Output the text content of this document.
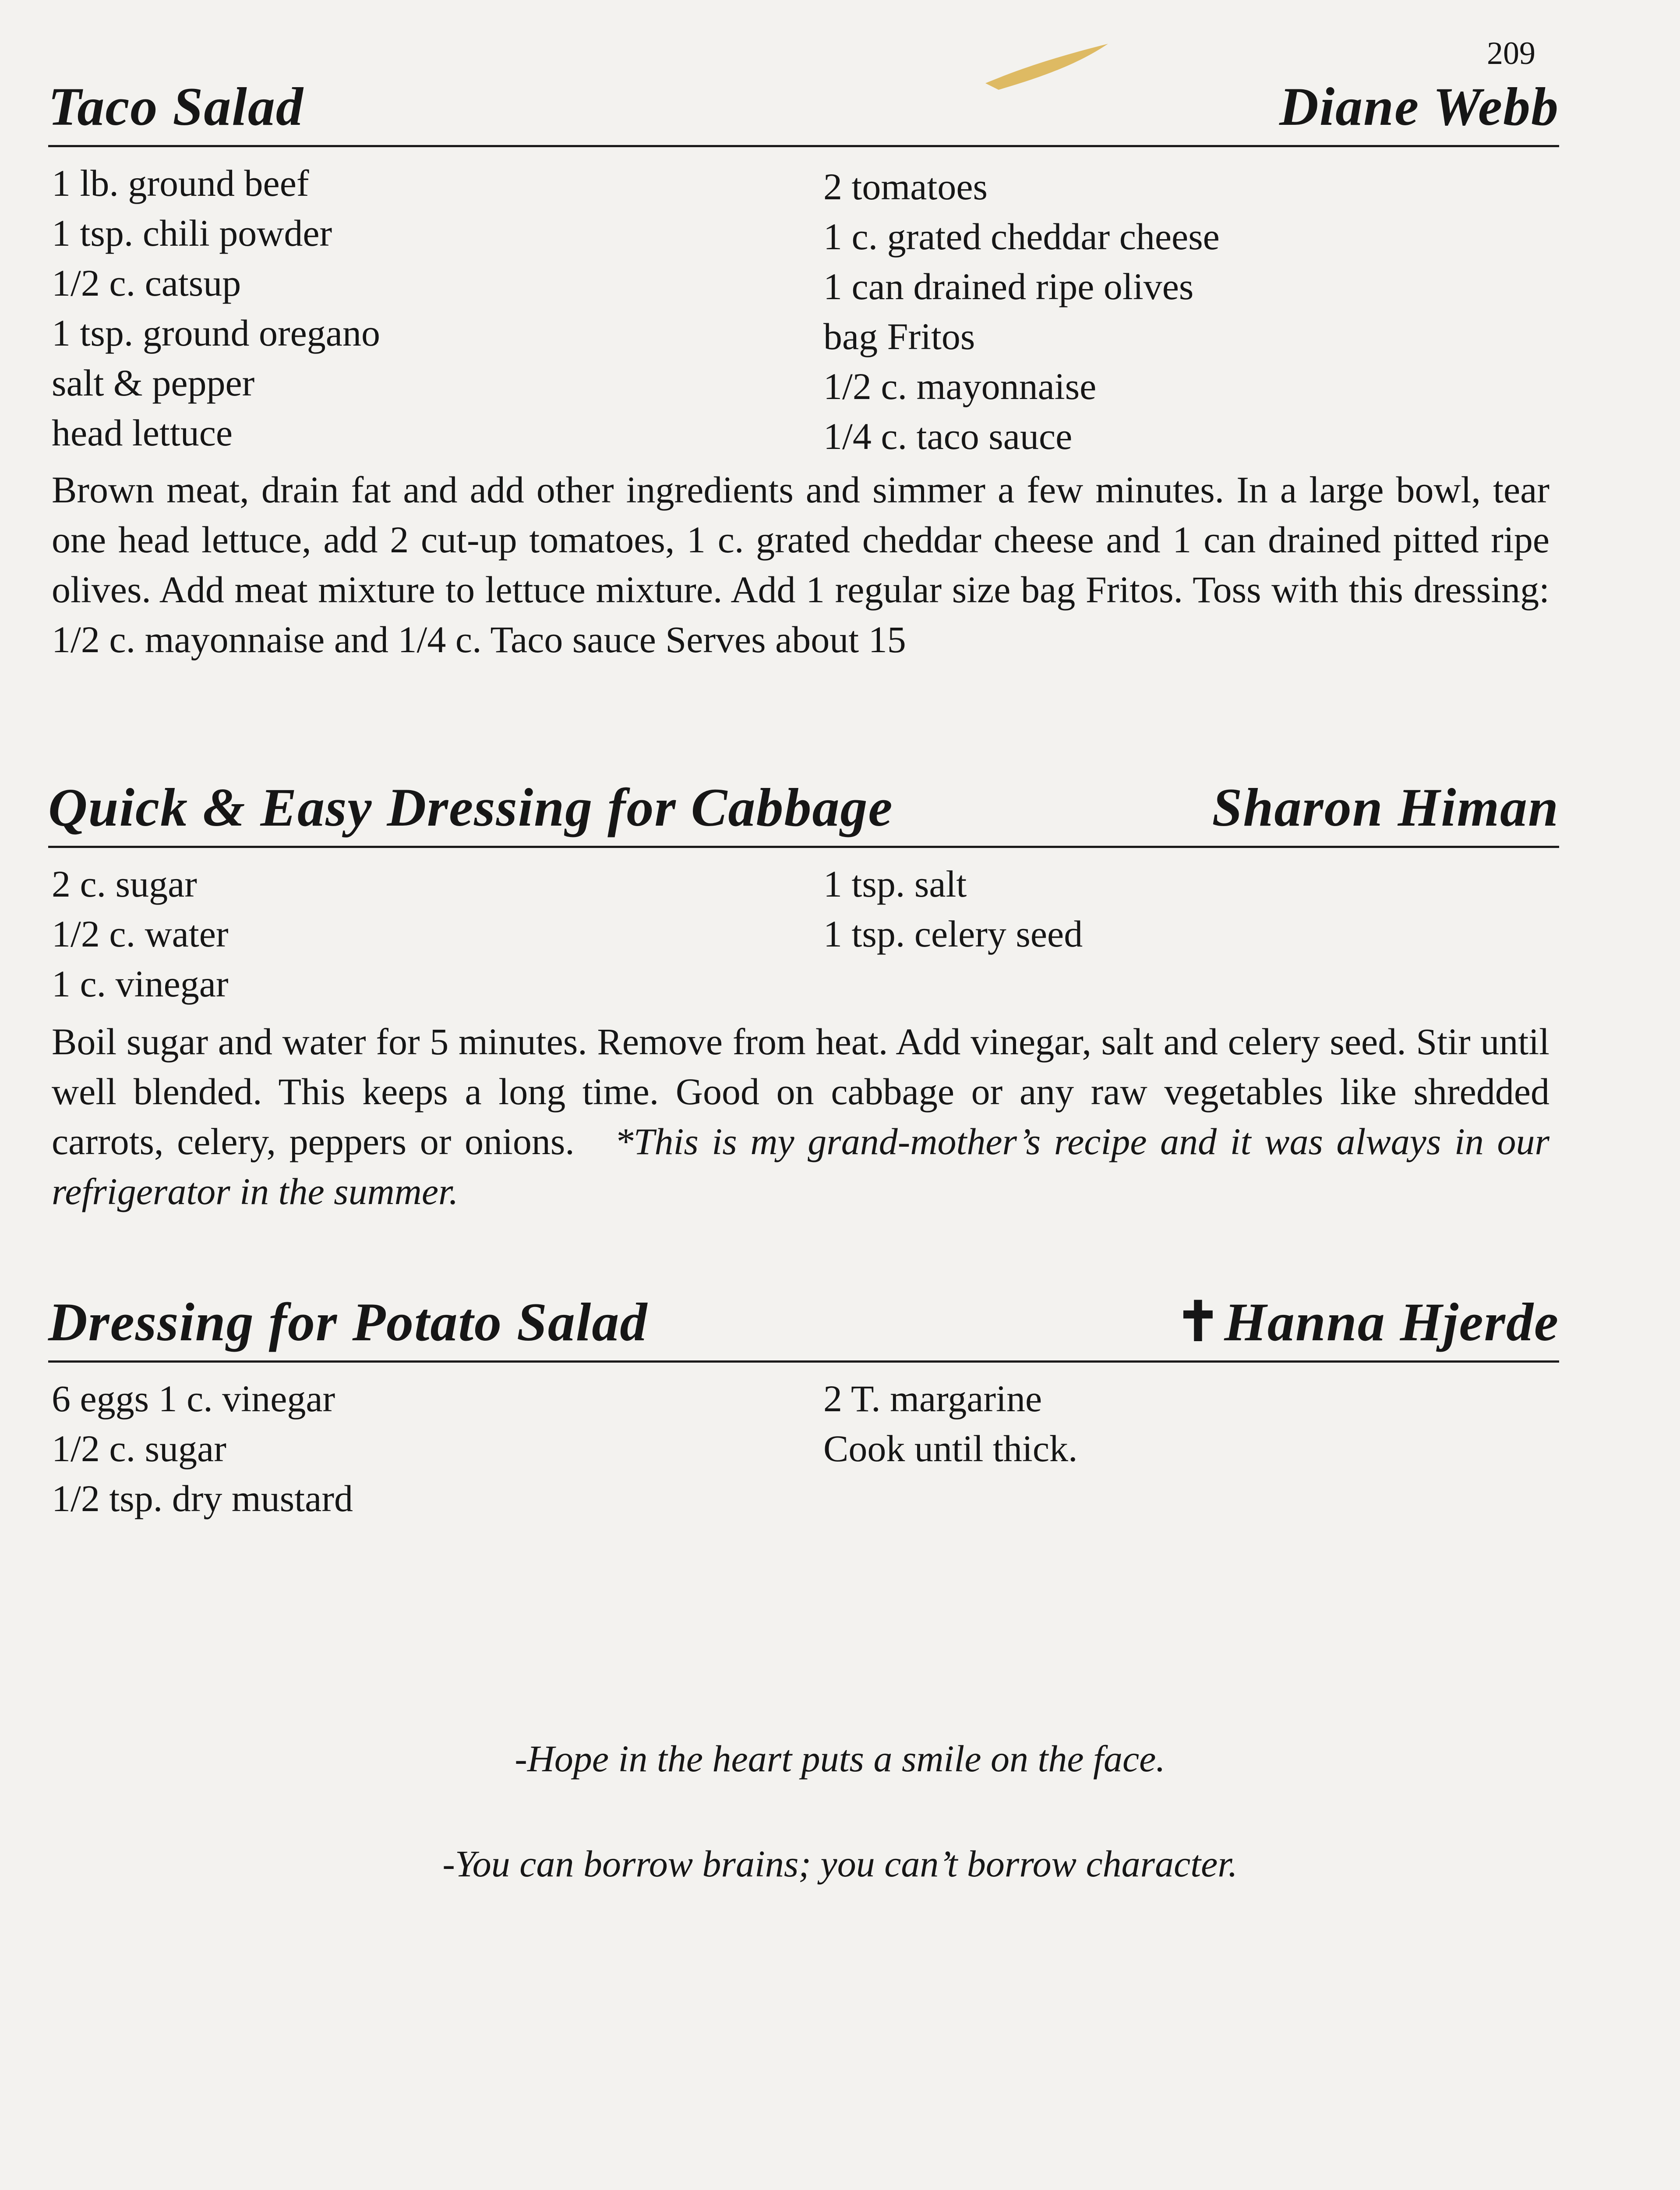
209
Taco Salad	Diane Webb
1 lb. ground beef
1 tsp. chili powder
1/2 c. catsup
1 tsp. ground oregano
salt & pepper
head lettuce
2 tomatoes
1 c. grated cheddar cheese
1 can drained ripe olives
bag Fritos
1/2 c. mayonnaise
1/4 c. taco sauce
Brown meat, drain fat and add other ingredients and simmer a few minutes. In a large bowl, tear one head lettuce, add 2 cut-up tomatoes, 1 c. grated cheddar cheese and 1 can drained pitted ripe olives. Add meat mixture to lettuce mixture. Add 1 regular size bag Fritos. Toss with this dressing: 1/2 c. mayonnaise and 1/4 c. Taco sauce Serves about 15
Quick & Easy Dressing for Cabbage	Sharon Himan
2 c. sugar
1/2 c. water
1 c. vinegar
1 tsp. salt
1 tsp. celery seed
Boil sugar and water for 5 minutes. Remove from heat. Add vinegar, salt and celery seed. Stir until well blended. This keeps a long time. Good on cabbage or any raw vegetables like shredded carrots, celery, peppers or onions. *This is my grand-mother’s recipe and it was always in our refrigerator in the summer.
Dressing for Potato Salad	✝Hanna Hjerde
6 eggs 1 c. vinegar
1/2 c. sugar
1/2 tsp. dry mustard
2 T. margarine
Cook until thick.
-Hope in the heart puts a smile on the face.
-You can borrow brains; you can’t borrow character.
